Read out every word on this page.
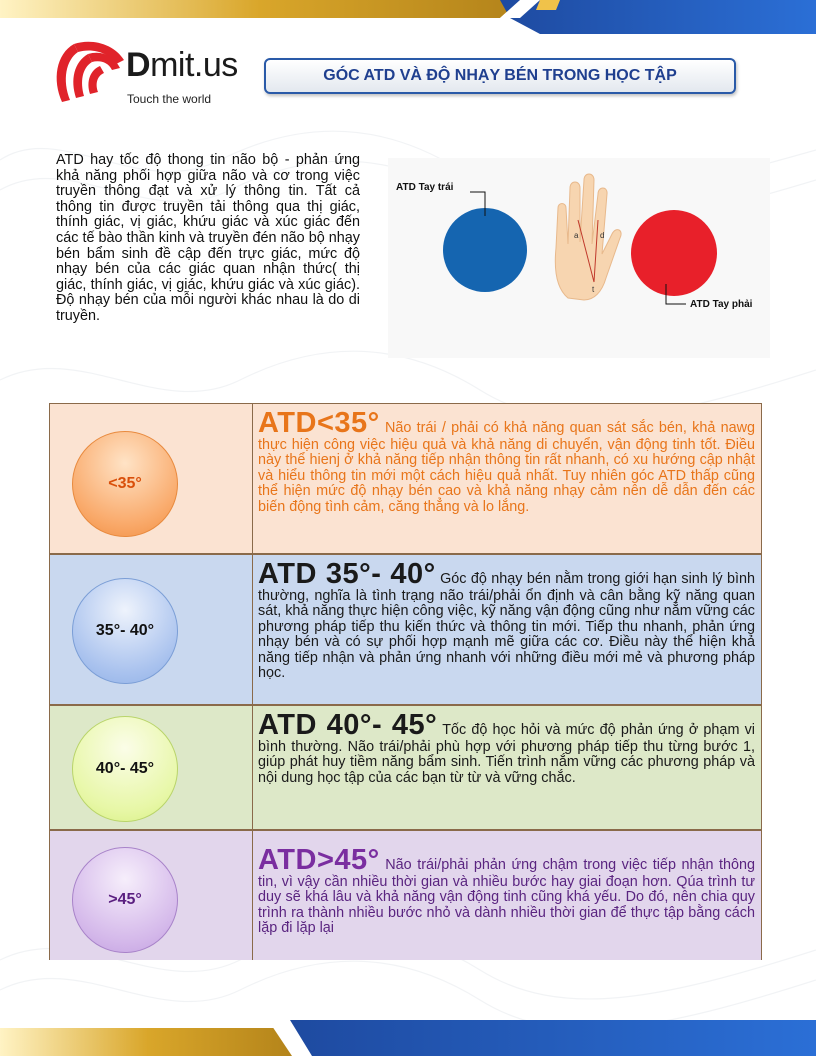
Dmit.us
Touch the world
GÓC ATD VÀ ĐỘ NHẠY BÉN TRONG HỌC TẬP
ATD hay tốc độ thong tin não bộ - phản ứng khả năng phối hợp giữa não và cơ trong việc truyền thông đạt và xử lý thông tin. Tất cả thông tin được truyền tải thông qua thị giác, thính giác, vị giác, khứu giác và xúc giác đến các tế bào thần kinh và truyền đén não bộ nhạy bén bẩm sinh đề cập đến trực giác, mức độ nhạy bén của các giác quan nhận thức( thị giác, thính giác, vị giác, khứu giác và xúc giác). Độ nhạy bén của mỗi người khác nhau là do di truyền.
a	d
t
ATD Tay trái
ATD Tay phải
<35°
ATD<35° Não trái / phải có khả năng quan sát sắc bén, khả nawg thực hiện công việc hiệu quả và khả năng di chuyển, vận động tinh tốt. Điều này thể hienj ở khả năng tiếp nhận thông tin rất nhanh, có xu hướng cập nhật và hiểu thông tin mới một cách hiệu quả nhất. Tuy nhiên góc ATD thấp cũng thể hiện mức độ nhạy bén cao và khả năng nhạy cảm nên dễ dẫn đến các biến động tình cảm, căng thẳng và lo lắng.
35°- 40°
ATD 35°- 40° Góc độ nhạy bén nằm trong giới hạn sinh lý bình thường, nghĩa là tình trạng não trái/phải ổn định và cân bằng kỹ năng quan sát, khả năng thực hiện công việc, kỹ năng vận động cũng như nắm vững các phương pháp tiếp thu kiến thức và thông tin mới. Tiếp thu nhanh, phản ứng nhạy bén và có sự phối hợp mạnh mẽ giữa các cơ. Điều này thể hiện khả năng tiếp nhận và phản ứng nhanh với những điều mới mẻ và phương pháp học.
40°- 45°
ATD 40°- 45° Tốc độ học hỏi và mức độ phản ứng ở phạm vi bình thường. Não trái/phải phù hợp với phương pháp tiếp thu từng bước 1, giúp phát huy tiềm năng bẩm sinh. Tiến trình nắm vững các phương pháp và nội dung học tập của các bạn từ từ và vững chắc.
>45°
ATD>45° Não trái/phải phản ứng chậm trong việc tiếp nhận thông tin, vì vậy cần nhiều thời gian và nhiều bước hay giai đoạn hơn. Qúa trình tư duy sẽ khá lâu và khả năng vận động tinh cũng khá yếu. Do đó, nên chia quy trình ra thành nhiều bước nhỏ và dành nhiều thời gian để thực tập bằng cách lặp đi lặp lại
